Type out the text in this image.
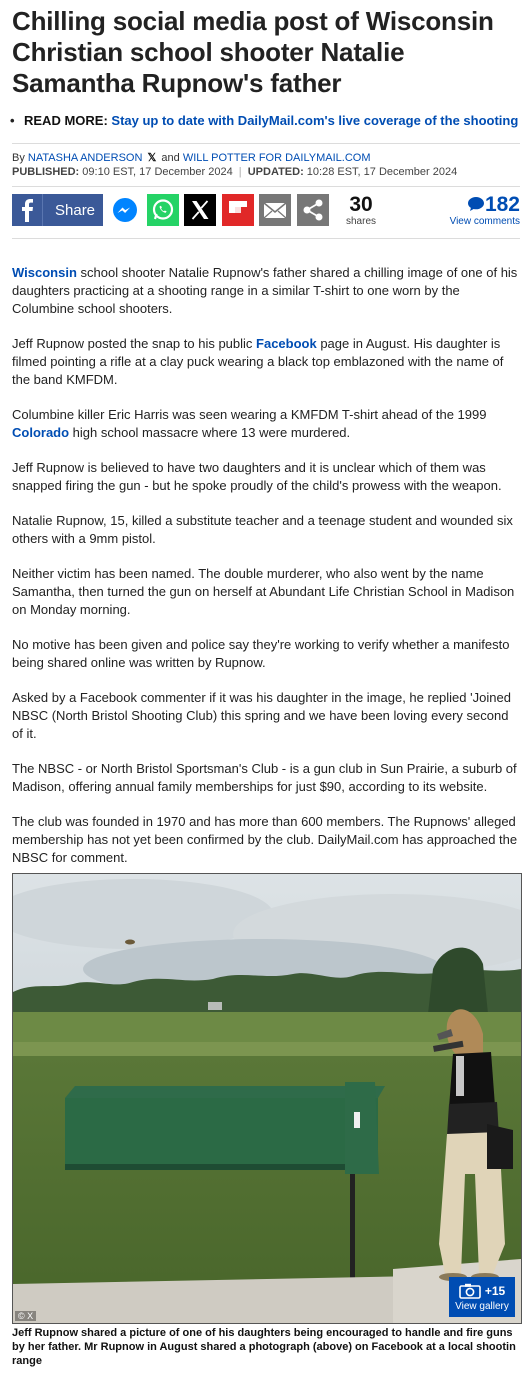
Chilling social media post of Wisconsin Christian school shooter Natalie Samantha Rupnow's father
• READ MORE: Stay up to date with DailyMail.com's live coverage of the shooting
By NATASHA ANDERSON 𝕏 and WILL POTTER FOR DAILYMAIL.COM
PUBLISHED: 09:10 EST, 17 December 2024 | UPDATED: 10:28 EST, 17 December 2024
Share	30
shares
182
View comments

Wisconsin school shooter Natalie Rupnow's father shared a chilling image of one of his daughters practicing at a shooting range in a similar T-shirt to one worn by the Columbine school shooters.

Jeff Rupnow posted the snap to his public Facebook page in August. His daughter is filmed pointing a rifle at a clay puck wearing a black top emblazoned with the name of the band KMFDM.

Columbine killer Eric Harris was seen wearing a KMFDM T-shirt ahead of the 1999 Colorado high school massacre where 13 were murdered.

Jeff Rupnow is believed to have two daughters and it is unclear which of them was snapped firing the gun - but he spoke proudly of the child's prowess with the weapon.

Natalie Rupnow, 15, killed a substitute teacher and a teenage student and wounded six others with a 9mm pistol.

Neither victim has been named. The double murderer, who also went by the name Samantha, then turned the gun on herself at Abundant Life Christian School in Madison on Monday morning.

No motive has been given and police say they're working to verify whether a manifesto being shared online was written by Rupnow.

Asked by a Facebook commenter if it was his daughter in the image, he replied 'Joined NBSC (North Bristol Shooting Club) this spring and we have been loving every second of it.

The NBSC - or North Bristol Sportsman's Club - is a gun club in Sun Prairie, a suburb of Madison, offering annual family memberships for just $90, according to its website.

The club was founded in 1970 and has more than 600 members. The Rupnows' alleged membership has not yet been confirmed by the club. DailyMail.com has approached the NBSC for comment.

© X
+15
View gallery
Jeff Rupnow shared a picture of one of his daughters being encouraged to handle and fire guns by her father. Mr Rupnow in August shared a photograph (above) on Facebook at a local shootin range
